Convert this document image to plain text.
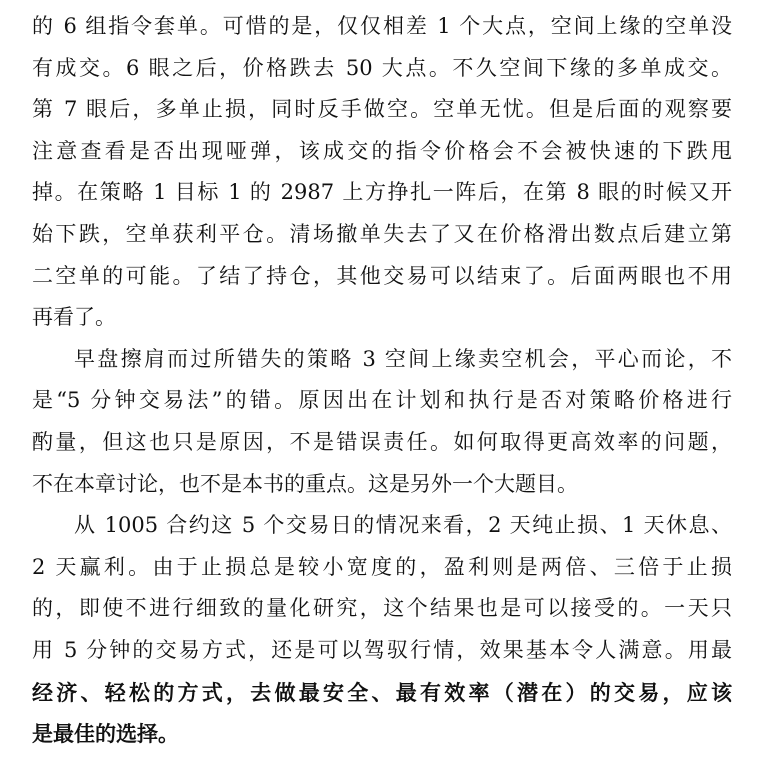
的 6 组指令套单。可惜的是，仅仅相差 1 个大点，空间上缘的空单没
有成交。6 眼之后，价格跌去 50 大点。不久空间下缘的多单成交。
第 7 眼后，多单止损，同时反手做空。空单无忧。但是后面的观察要
注意查看是否出现哑弹，该成交的指令价格会不会被快速的下跌甩
掉。在策略 1 目标 1 的 2987 上方挣扎一阵后，在第 8 眼的时候又开
始下跌，空单获利平仓。清场撤单失去了又在价格滑出数点后建立第
二空单的可能。了结了持仓，其他交易可以结束了。后面两眼也不用
再看了。
早盘擦肩而过所错失的策略 3 空间上缘卖空机会，平心而论，不
是“5 分钟交易法”的错。原因出在计划和执行是否对策略价格进行
酌量，但这也只是原因，不是错误责任。如何取得更高效率的问题，
不在本章讨论，也不是本书的重点。这是另外一个大题目。
从 1005 合约这 5 个交易日的情况来看，2 天纯止损、1 天休息、
2 天赢利。由于止损总是较小宽度的，盈利则是两倍、三倍于止损
的，即使不进行细致的量化研究，这个结果也是可以接受的。一天只
用 5 分钟的交易方式，还是可以驾驭行情，效果基本令人满意。用最
经济、轻松的方式，去做最安全、最有效率（潜在）的交易，应该
是最佳的选择。
